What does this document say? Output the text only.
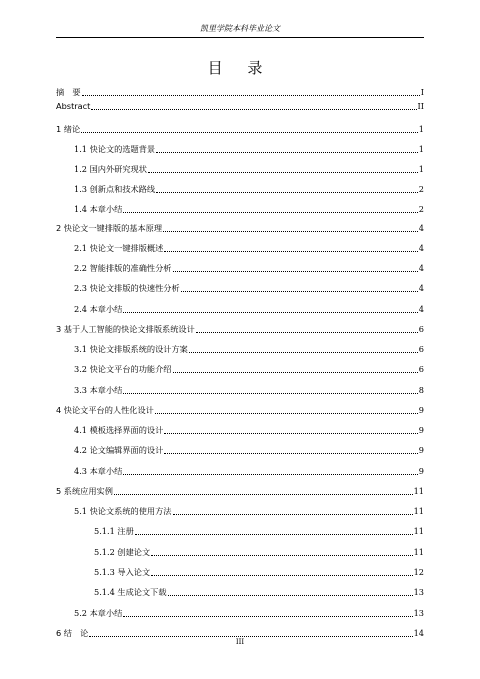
凯里学院本科毕业论文
目 录
摘　要	I
Abstract	II
1 绪论	1
1.1 快论文的选题背景	1
1.2 国内外研究现状	1
1.3 创新点和技术路线	2
1.4 本章小结	2
2 快论文一键排版的基本原理	4
2.1 快论文一键排版概述	4
2.2 智能排版的准确性分析	4
2.3 快论文排版的快速性分析	4
2.4 本章小结	4
3 基于人工智能的快论文排版系统设计	6
3.1 快论文排版系统的设计方案	6
3.2 快论文平台的功能介绍	6
3.3 本章小结	8
4 快论文平台的人性化设计	9
4.1 模板选择界面的设计	9
4.2 论文编辑界面的设计	9
4.3 本章小结	9
5 系统应用实例	11
5.1 快论文系统的使用方法	11
5.1.1 注册	11
5.1.2 创建论文	11
5.1.3 导入论文	12
5.1.4 生成论文下载	13
5.2 本章小结	13
6 结　论	14
III
